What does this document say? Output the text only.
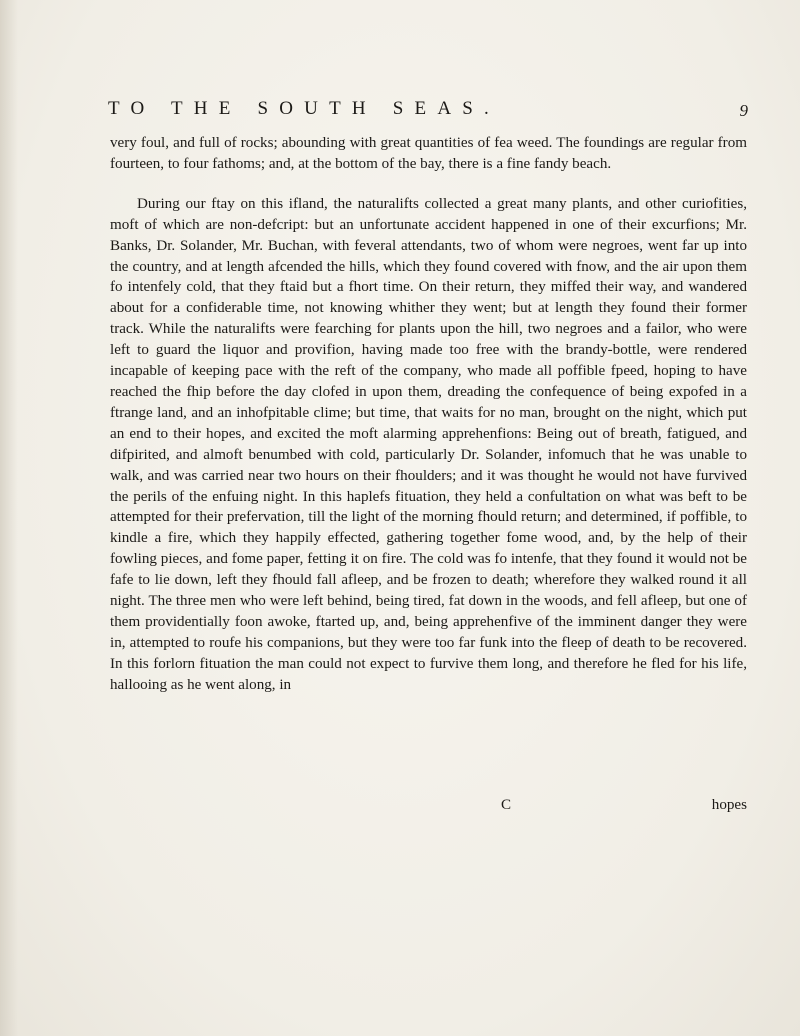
TO THE SOUTH SEAS.	9

very foul, and full of rocks; abounding with great quantities of fea weed. The foundings are regular from fourteen, to four fathoms; and, at the bottom of the bay, there is a fine fandy beach.

During our ftay on this ifland, the naturalifts collected a great many plants, and other curiofities, moft of which are non-defcript: but an unfortunate accident happened in one of their excurfions; Mr. Banks, Dr. Solander, Mr. Buchan, with feveral attendants, two of whom were negroes, went far up into the country, and at length afcended the hills, which they found covered with fnow, and the air upon them fo intenfely cold, that they ftaid but a fhort time. On their return, they miffed their way, and wandered about for a confiderable time, not knowing whither they went; but at length they found their former track. While the naturalifts were fearching for plants upon the hill, two negroes and a failor, who were left to guard the liquor and provifion, having made too free with the brandy-bottle, were rendered incapable of keeping pace with the reft of the company, who made all poffible fpeed, hoping to have reached the fhip before the day clofed in upon them, dreading the confequence of being expofed in a ftrange land, and an inhofpitable clime; but time, that waits for no man, brought on the night, which put an end to their hopes, and excited the moft alarming apprehenfions: Being out of breath, fatigued, and difpirited, and almoft benumbed with cold, particularly Dr. Solander, infomuch that he was unable to walk, and was carried near two hours on their fhoulders; and it was thought he would not have furvived the perils of the enfuing night. In this haplefs fituation, they held a confultation on what was beft to be attempted for their prefervation, till the light of the morning fhould return; and determined, if poffible, to kindle a fire, which they happily effected, gathering together fome wood, and, by the help of their fowling pieces, and fome paper, fetting it on fire. The cold was fo intenfe, that they found it would not be fafe to lie down, left they fhould fall afleep, and be frozen to death; wherefore they walked round it all night. The three men who were left behind, being tired, fat down in the woods, and fell afleep, but one of them providentially foon awoke, ftarted up, and, being apprehenfive of the imminent danger they were in, attempted to roufe his companions, but they were too far funk into the fleep of death to be recovered. In this forlorn fituation the man could not expect to furvive them long, and therefore he fled for his life, hallooing as he went along, in

C	hopes
